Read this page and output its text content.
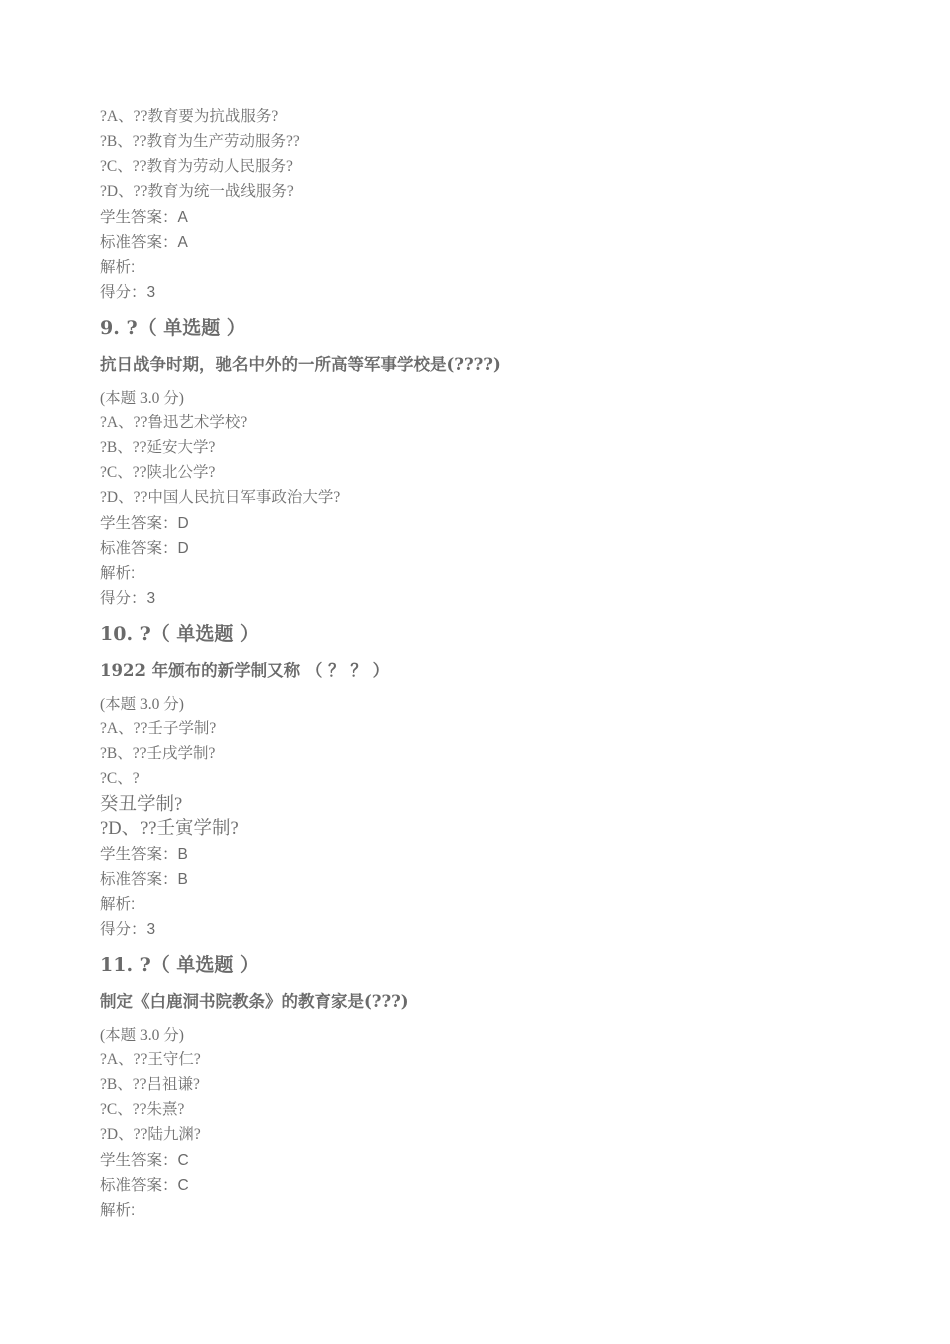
?A、??教育要为抗战服务?
?B、??教育为生产劳动服务??
?C、??教育为劳动人民服务?
?D、??教育为统一战线服务?
学生答案：A
标准答案：A
解析:
得分：3
9. ?（ 单选题 ）
抗日战争时期，驰名中外的一所高等军事学校是(????)
(本题 3.0 分)
?A、??鲁迅艺术学校?
?B、??延安大学?
?C、??陕北公学?
?D、??中国人民抗日军事政治大学?
学生答案：D
标准答案：D
解析:
得分：3
10. ?（ 单选题 ）
1922 年颁布的新学制又称 （ ？ ？ ）
(本题 3.0 分)
?A、??壬子学制?
?B、??壬戌学制?
?C、?
癸丑学制?
?D、??壬寅学制?
学生答案：B
标准答案：B
解析:
得分：3
11. ?（ 单选题 ）
制定《白鹿洞书院教条》的教育家是(???)
(本题 3.0 分)
?A、??王守仁?
?B、??吕祖谦?
?C、??朱熹?
?D、??陆九渊?
学生答案：C
标准答案：C
解析:
